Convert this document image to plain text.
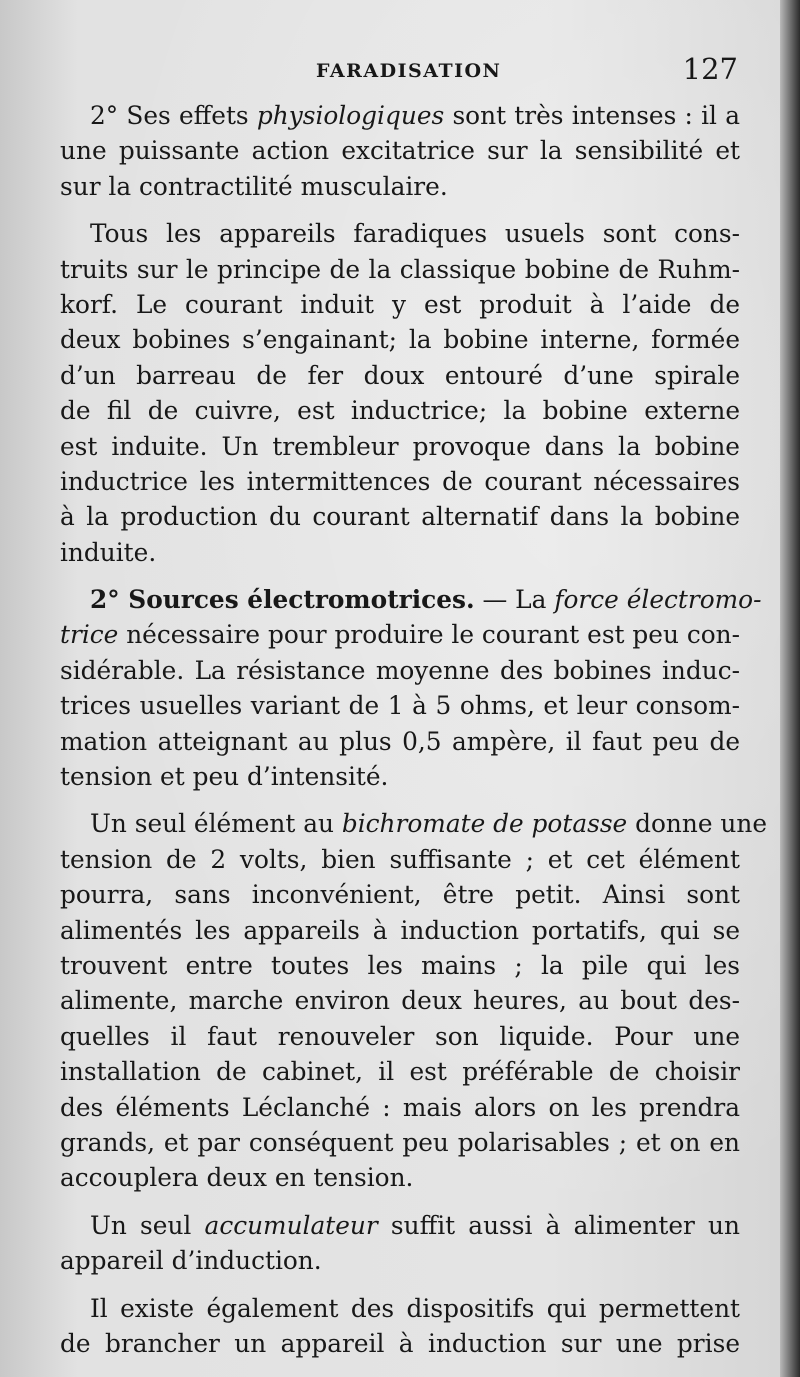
FARADISATION	127
2° Ses effets physiologiques sont très intenses : il a
une puissante action excitatrice sur la sensibilité et
sur la contractilité musculaire.
Tous les appareils faradiques usuels sont cons-
truits sur le principe de la classique bobine de Ruhm-
korf. Le courant induit y est produit à l’aide de
deux bobines s’engainant; la bobine interne, formée
d’un barreau de fer doux entouré d’une spirale
de fil de cuivre, est inductrice; la bobine externe
est induite. Un trembleur provoque dans la bobine
inductrice les intermittences de courant nécessaires
à la production du courant alternatif dans la bobine
induite.
2° Sources électromotrices. — La force électromo-
trice nécessaire pour produire le courant est peu con-
sidérable. La résistance moyenne des bobines induc-
trices usuelles variant de 1 à 5 ohms, et leur consom-
mation atteignant au plus 0,5 ampère, il faut peu de
tension et peu d’intensité.
Un seul élément au bichromate de potasse donne une
tension de 2 volts, bien suffisante ; et cet élément
pourra, sans inconvénient, être petit. Ainsi sont
alimentés les appareils à induction portatifs, qui se
trouvent entre toutes les mains ; la pile qui les
alimente, marche environ deux heures, au bout des-
quelles il faut renouveler son liquide. Pour une
installation de cabinet, il est préférable de choisir
des éléments Léclanché : mais alors on les prendra
grands, et par conséquent peu polarisables ; et on en
accouplera deux en tension.
Un seul accumulateur suffit aussi à alimenter un
appareil d’induction.
Il existe également des dispositifs qui permettent
de brancher un appareil à induction sur une prise
